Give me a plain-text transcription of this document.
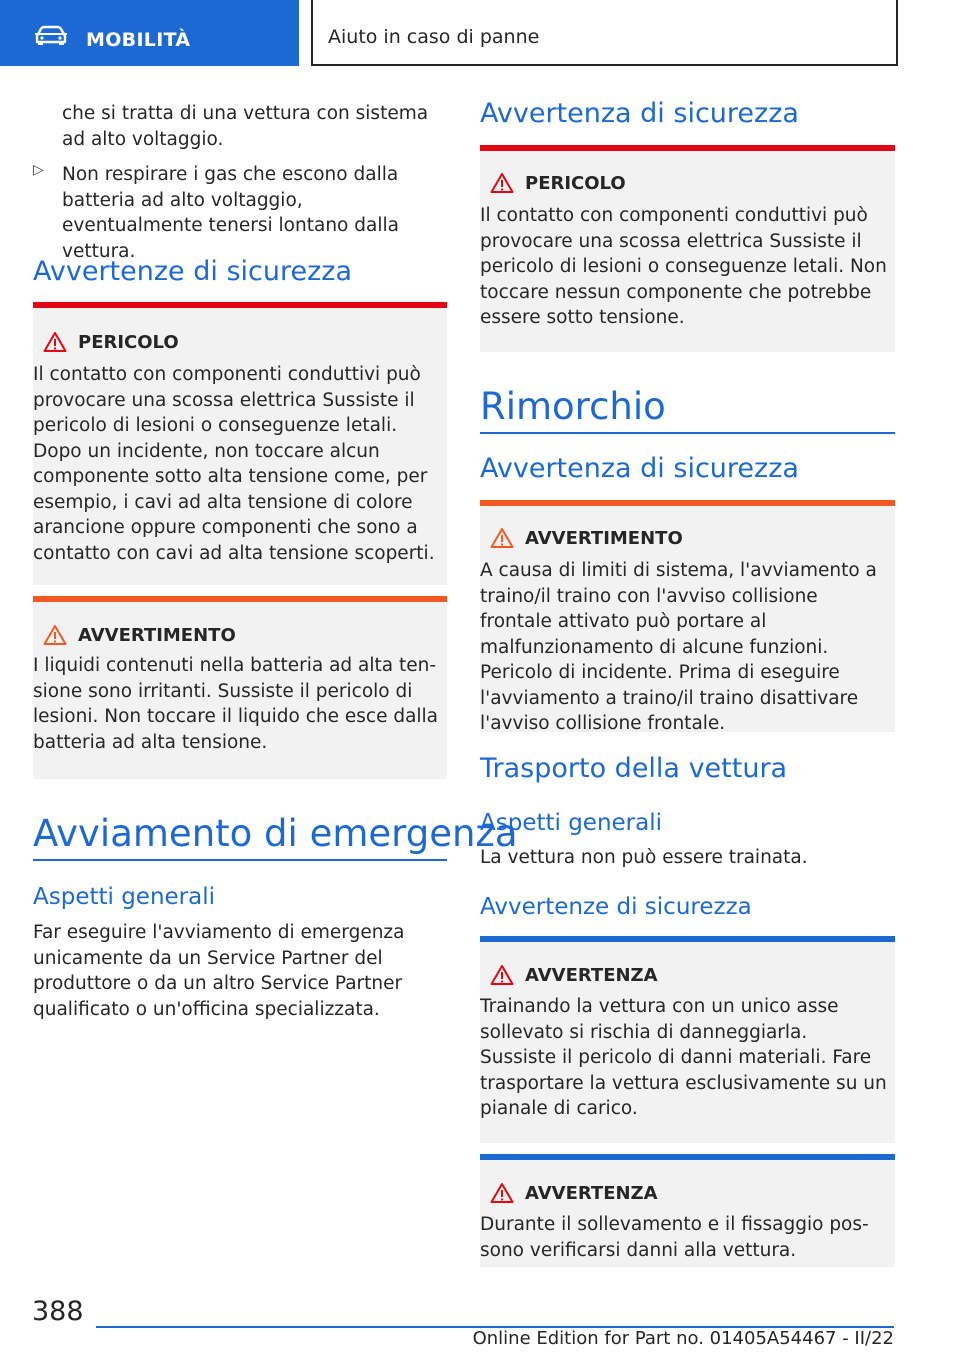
MOBILITÀ	Aiuto in caso di panne

che si tratta di una vettura con sistema ad alto voltaggio.

▷ Non respirare i gas che escono dalla batteria ad alto voltaggio, eventualmente tenersi lontano dalla vettura.

Avvertenze di sicurezza
PERICOLO

Il contatto con componenti conduttivi può provocare una scossa elettrica Sussiste il pericolo di lesioni o conseguenze letali. Dopo un incidente, non toccare alcun componente sotto alta tensione come, per esempio, i cavi ad alta tensione di colore arancione oppure componenti che sono a contatto con cavi ad alta tensione scoperti.

AVVERTIMENTO

I liquidi contenuti nella batteria ad alta tensione sono irritanti. Sussiste il pericolo di lesioni. Non toccare il liquido che esce dalla batteria ad alta tensione.

Avviamento di emergenza
Aspetti generali

Far eseguire l'avviamento di emergenza unicamente da un Service Partner del produttore o da un altro Service Partner qualificato o un'officina specializzata.

Avvertenza di sicurezza
PERICOLO

Il contatto con componenti conduttivi può provocare una scossa elettrica Sussiste il pericolo di lesioni o conseguenze letali. Non toccare nessun componente che potrebbe essere sotto tensione.

Rimorchio
Avvertenza di sicurezza
AVVERTIMENTO

A causa di limiti di sistema, l'avviamento a traino/il traino con l'avviso collisione frontale attivato può portare al malfunzionamento di alcune funzioni. Pericolo di incidente. Prima di eseguire l'avviamento a traino/il traino disattivare l'avviso collisione frontale.

Trasporto della vettura
Aspetti generali

La vettura non può essere trainata.

Avvertenze di sicurezza
AVVERTENZA

Trainando la vettura con un unico asse sollevato si rischia di danneggiarla. Sussiste il pericolo di danni materiali. Fare trasportare la vettura esclusivamente su un pianale di carico.

AVVERTENZA

Durante il sollevamento e il fissaggio possono verificarsi danni alla vettura.

388
Online Edition for Part no. 01405A54467 - II/22
